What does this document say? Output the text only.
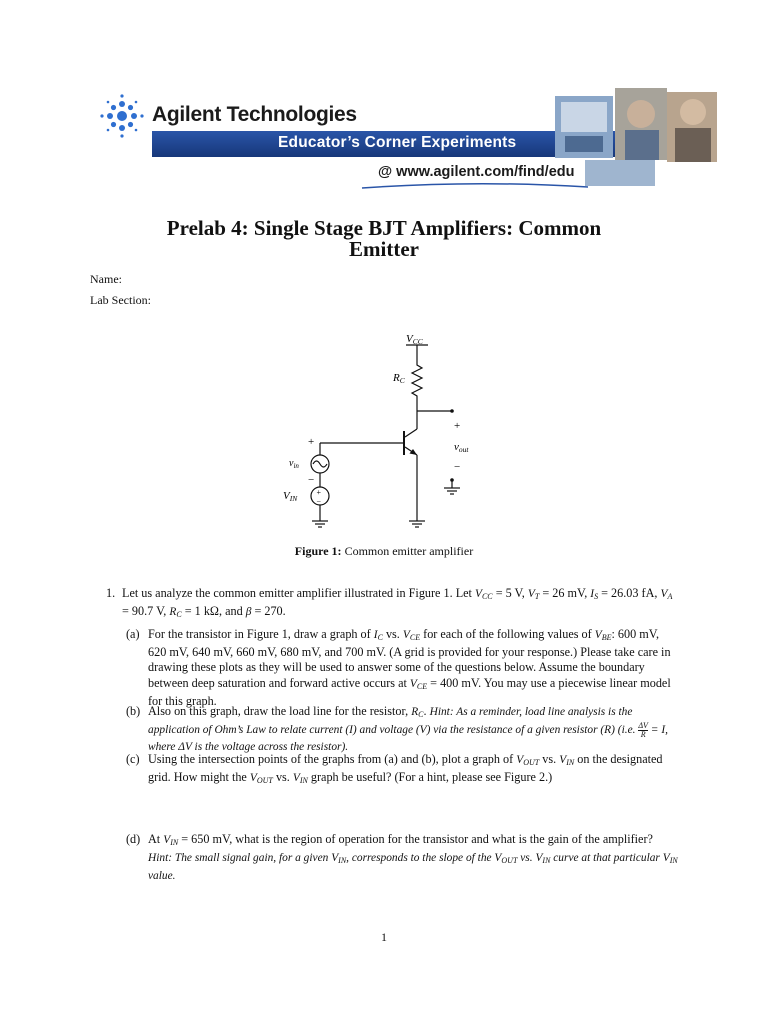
Agilent Technologies
Educator’s Corner Experiments
@ www.agilent.com/find/edu
Prelab 4: Single Stage BJT Amplifiers: Common
Emitter
Name:
Lab Section:
VCC
RC
+
vout
−
+
$v_{in}$
−
VIN
+
−
Figure 1: Common emitter amplifier
1. Let us analyze the common emitter amplifier illustrated in Figure 1. Let VCC = 5 V, VT = 26 mV, IS = 26.03 fA, VA = 90.7 V, RC = 1 kΩ, and β = 270.
(a) For the transistor in Figure 1, draw a graph of IC vs. VCE for each of the following values of VBE: 600 mV, 620 mV, 640 mV, 660 mV, 680 mV, and 700 mV. (A grid is provided for your response.) Please take care in drawing these plots as they will be used to answer some of the questions below. Assume the boundary between deep saturation and forward active occurs at VCE = 400 mV. You may use a piecewise linear model for this graph.
(b) Also on this graph, draw the load line for the resistor, RC. Hint: As a reminder, load line analysis is the application of Ohm’s Law to relate current (I) and voltage (V) via the resistance of a given resistor (R) (i.e. $\frac{\Delta V}{R} = I$, where ΔV is the voltage across the resistor).
(c) Using the intersection points of the graphs from (a) and (b), plot a graph of VOUT vs. VIN on the designated grid. How might the VOUT vs. VIN graph be useful? (For a hint, please see Figure 2.)
(d) At VIN = 650 mV, what is the region of operation for the transistor and what is the gain of the amplifier? Hint: The small signal gain, for a given VIN, corresponds to the slope of the VOUT vs. VIN curve at that particular VIN value.
1
